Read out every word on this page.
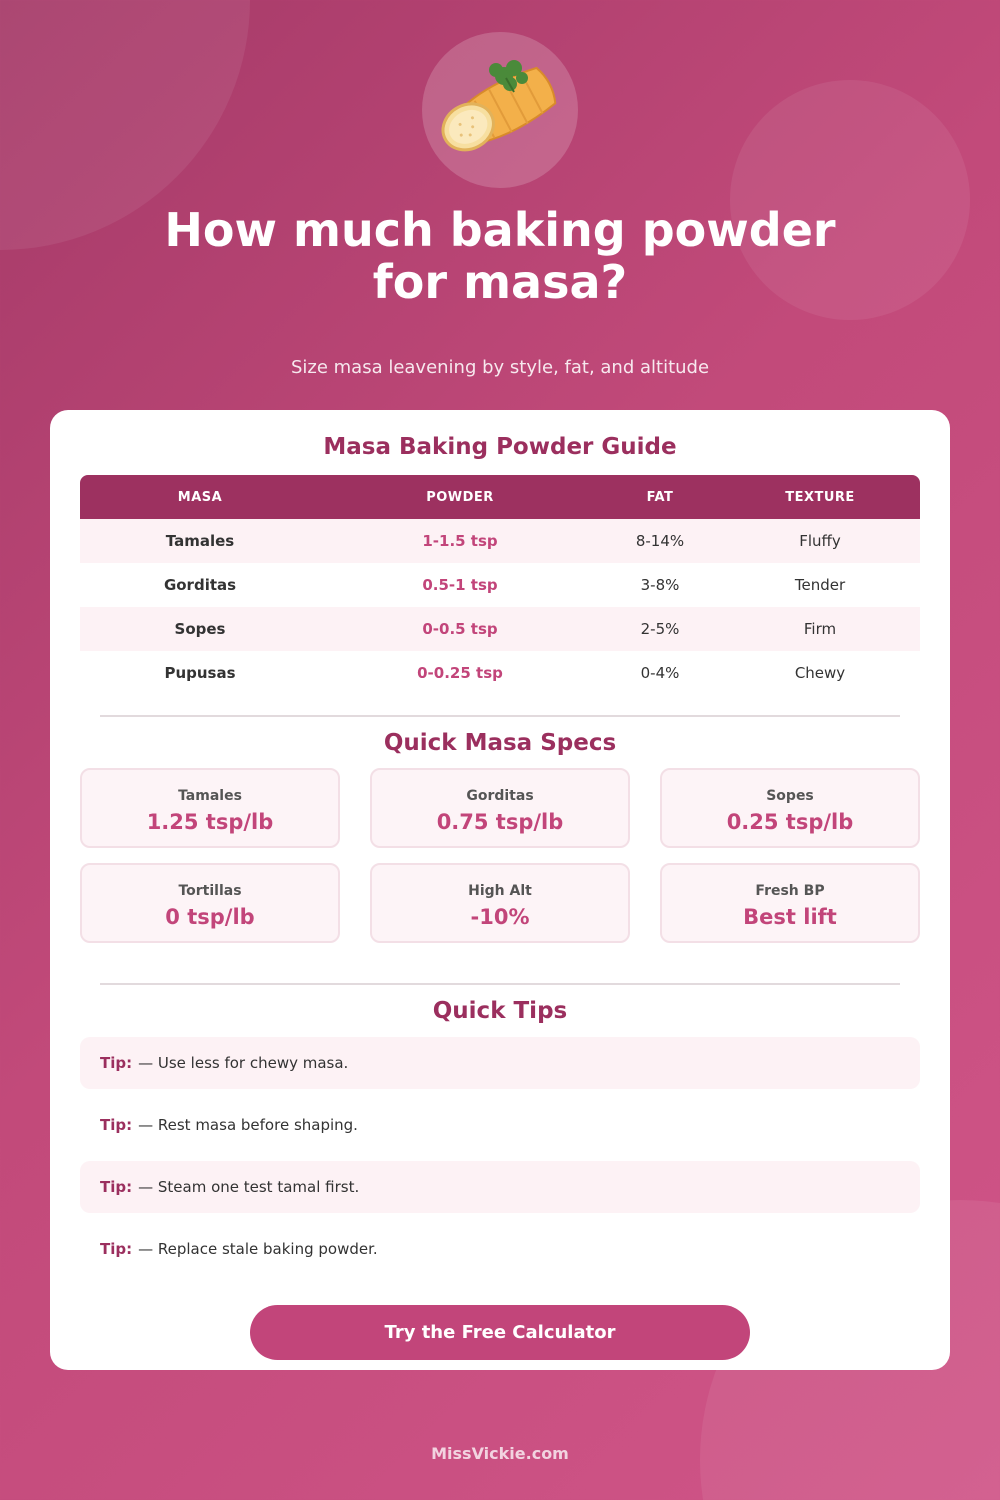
How much baking powder
for masa?
Size masa leavening by style, fat, and altitude
Masa Baking Powder Guide
MASA	POWDER	FAT	TEXTURE
Tamales	1-1.5 tsp	8-14%	Fluffy
Gorditas	0.5-1 tsp	3-8%	Tender
Sopes	0-0.5 tsp	2-5%	Firm
Pupusas	0-0.25 tsp	0-4%	Chewy
Quick Masa Specs
Tamales
1.25 tsp/lb
Gorditas
0.75 tsp/lb
Sopes
0.25 tsp/lb
Tortillas
0 tsp/lb
High Alt
-10%
Fresh BP
Best lift
Quick Tips
Tip: — Use less for chewy masa.
Tip: — Rest masa before shaping.
Tip: — Steam one test tamal first.
Tip: — Replace stale baking powder.
Try the Free Calculator
MissVickie.com
